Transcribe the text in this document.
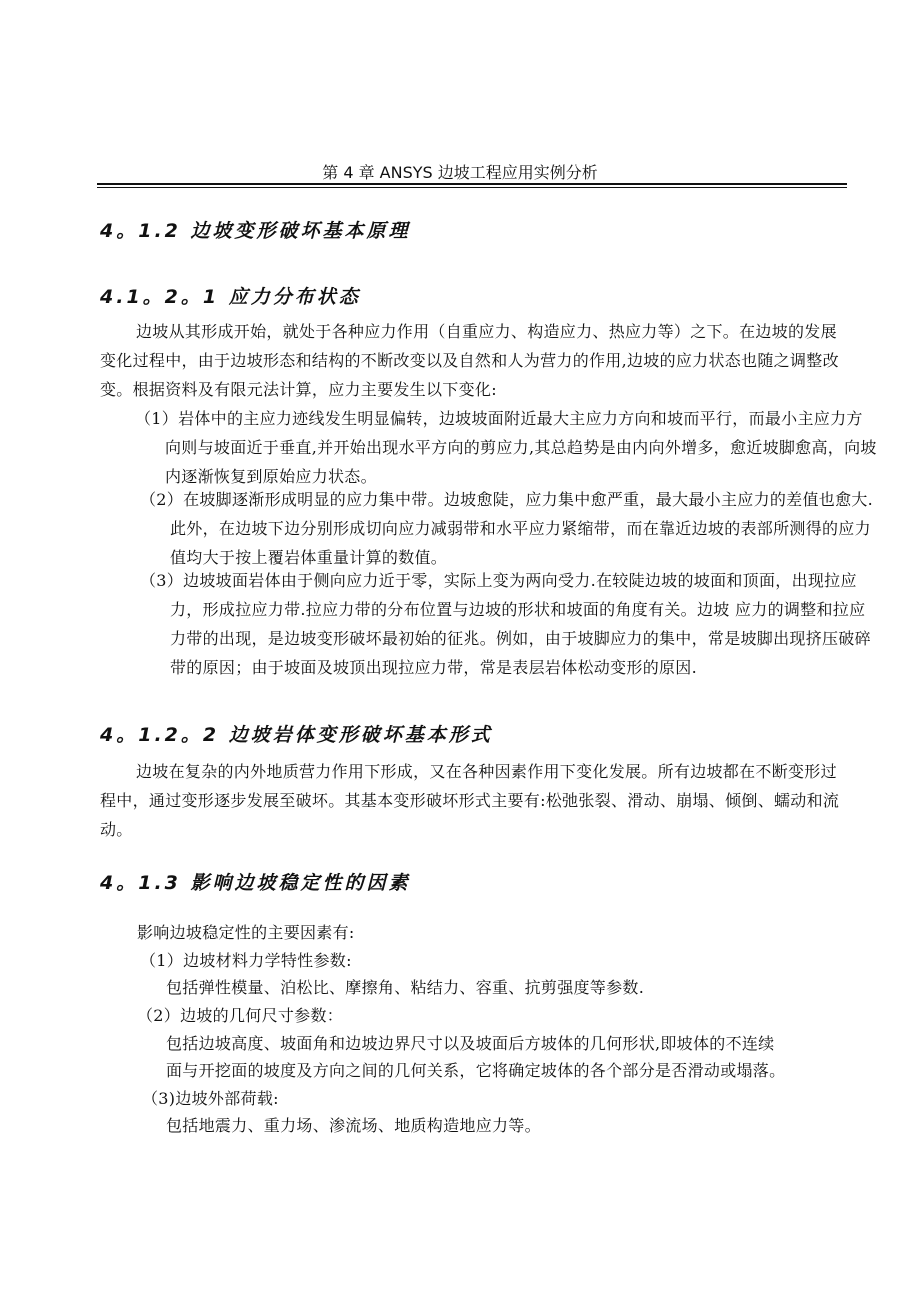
第 4 章 ANSYS 边坡工程应用实例分析
4。1.2 边坡变形破坏基本原理
4.1。2。1 应力分布状态
边坡从其形成开始，就处于各种应力作用（自重应力、构造应力、热应力等）之下。在边坡的发展变化过程中，由于边坡形态和结构的不断改变以及自然和人为营力的作用,边坡的应力状态也随之调整改变。根据资料及有限元法计算，应力主要发生以下变化:
（1）岩体中的主应力迹线发生明显偏转，边坡坡面附近最大主应力方向和坡而平行，而最小主应力方向则与坡面近于垂直,并开始出现水平方向的剪应力,其总趋势是由内向外增多，愈近坡脚愈高，向坡内逐渐恢复到原始应力状态。
（2）在坡脚逐渐形成明显的应力集中带。边坡愈陡，应力集中愈严重，最大最小主应力的差值也愈大.此外，在边坡下边分别形成切向应力减弱带和水平应力紧缩带，而在靠近边坡的表部所测得的应力值均大于按上覆岩体重量计算的数值。
（3）边坡坡面岩体由于侧向应力近于零，实际上变为两向受力.在较陡边坡的坡面和顶面，出现拉应力，形成拉应力带.拉应力带的分布位置与边坡的形状和坡面的角度有关。边坡 应力的调整和拉应力带的出现，是边坡变形破坏最初始的征兆。例如，由于坡脚应力的集中，常是坡脚出现挤压破碎带的原因；由于坡面及坡顶出现拉应力带，常是表层岩体松动变形的原因.
4。1.2。2 边坡岩体变形破坏基本形式
边坡在复杂的内外地质营力作用下形成，又在各种因素作用下变化发展。所有边坡都在不断变形过程中，通过变形逐步发展至破坏。其基本变形破坏形式主要有:松弛张裂、滑动、崩塌、倾倒、蠕动和流动。
4。1.3 影响边坡稳定性的因素
影响边坡稳定性的主要因素有:
（1）边坡材料力学特性参数:
包括弹性模量、泊松比、摩擦角、粘结力、容重、抗剪强度等参数.
（2）边坡的几何尺寸参数：
包括边坡高度、坡面角和边坡边界尺寸以及坡面后方坡体的几何形状,即坡体的不连续
面与开挖面的坡度及方向之间的几何关系，它将确定坡体的各个部分是否滑动或塌落。
（3)边坡外部荷载:
包括地震力、重力场、渗流场、地质构造地应力等。
